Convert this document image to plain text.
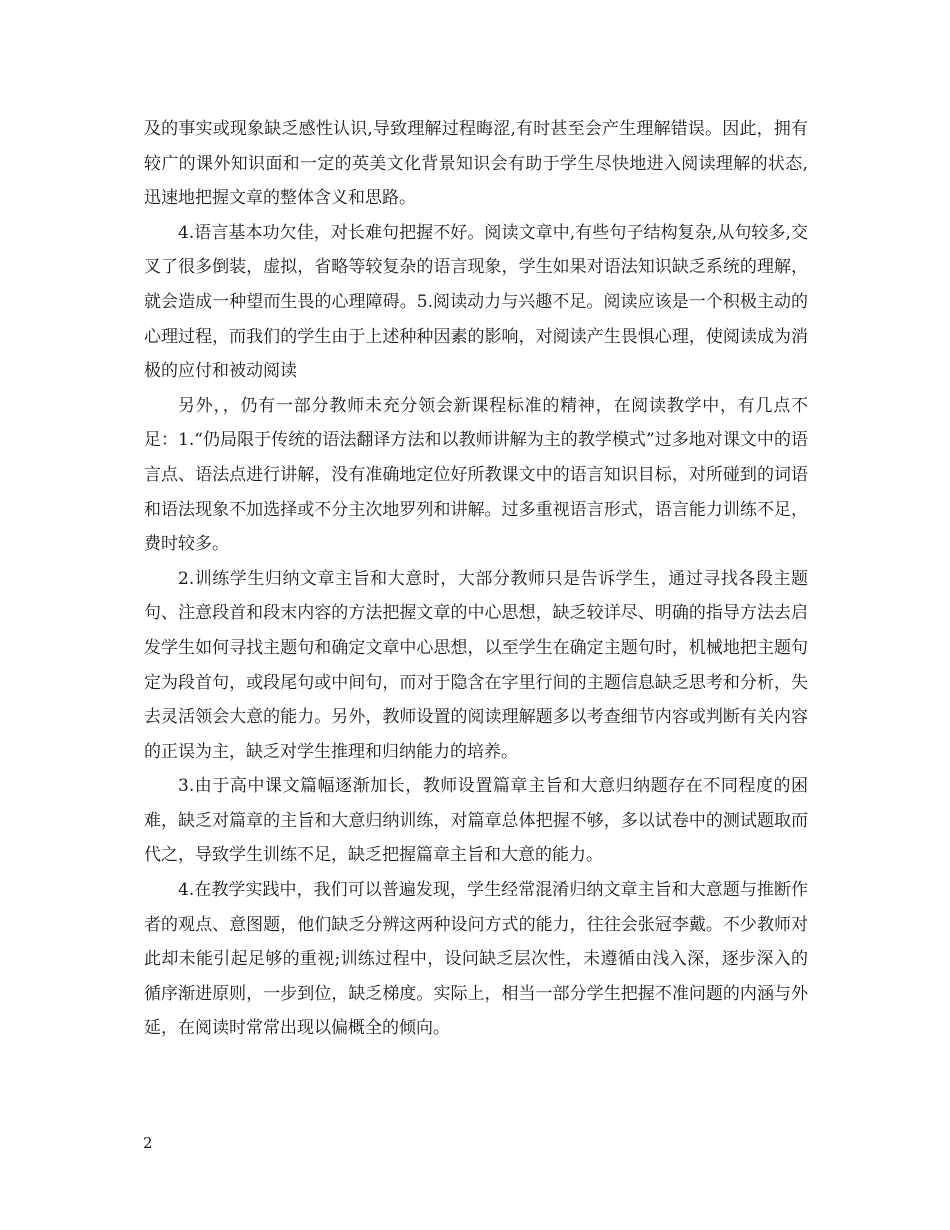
及的事实或现象缺乏感性认识,导致理解过程晦涩,有时甚至会产生理解错误。因此，拥有较广的课外知识面和一定的英美文化背景知识会有助于学生尽快地进入阅读理解的状态,迅速地把握文章的整体含义和思路。

4.语言基本功欠佳，对长难句把握不好。阅读文章中,有些句子结构复杂,从句较多,交叉了很多倒装，虚拟，省略等较复杂的语言现象，学生如果对语法知识缺乏系统的理解，就会造成一种望而生畏的心理障碍。5.阅读动力与兴趣不足。阅读应该是一个积极主动的心理过程，而我们的学生由于上述种种因素的影响，对阅读产生畏惧心理，使阅读成为消极的应付和被动阅读

另外，，仍有一部分教师未充分领会新课程标准的精神，在阅读教学中，有几点不足：1.“仍局限于传统的语法翻译方法和以教师讲解为主的教学模式”过多地对课文中的语言点、语法点进行讲解，没有准确地定位好所教课文中的语言知识目标，对所碰到的词语和语法现象不加选择或不分主次地罗列和讲解。过多重视语言形式，语言能力训练不足，费时较多。

2.训练学生归纳文章主旨和大意时，大部分教师只是告诉学生，通过寻找各段主题句、注意段首和段末内容的方法把握文章的中心思想，缺乏较详尽、明确的指导方法去启发学生如何寻找主题句和确定文章中心思想，以至学生在确定主题句时，机械地把主题句定为段首句，或段尾句或中间句，而对于隐含在字里行间的主题信息缺乏思考和分析，失去灵活领会大意的能力。另外，教师设置的阅读理解题多以考查细节内容或判断有关内容的正误为主，缺乏对学生推理和归纳能力的培养。

3.由于高中课文篇幅逐渐加长，教师设置篇章主旨和大意归纳题存在不同程度的困难，缺乏对篇章的主旨和大意归纳训练，对篇章总体把握不够，多以试卷中的测试题取而代之，导致学生训练不足，缺乏把握篇章主旨和大意的能力。

4.在教学实践中，我们可以普遍发现，学生经常混淆归纳文章主旨和大意题与推断作者的观点、意图题，他们缺乏分辨这两种设问方式的能力，往往会张冠李戴。不少教师对此却未能引起足够的重视;训练过程中，设问缺乏层次性，未遵循由浅入深，逐步深入的循序渐进原则，一步到位，缺乏梯度。实际上，相当一部分学生把握不准问题的内涵与外延，在阅读时常常出现以偏概全的倾向。

2
